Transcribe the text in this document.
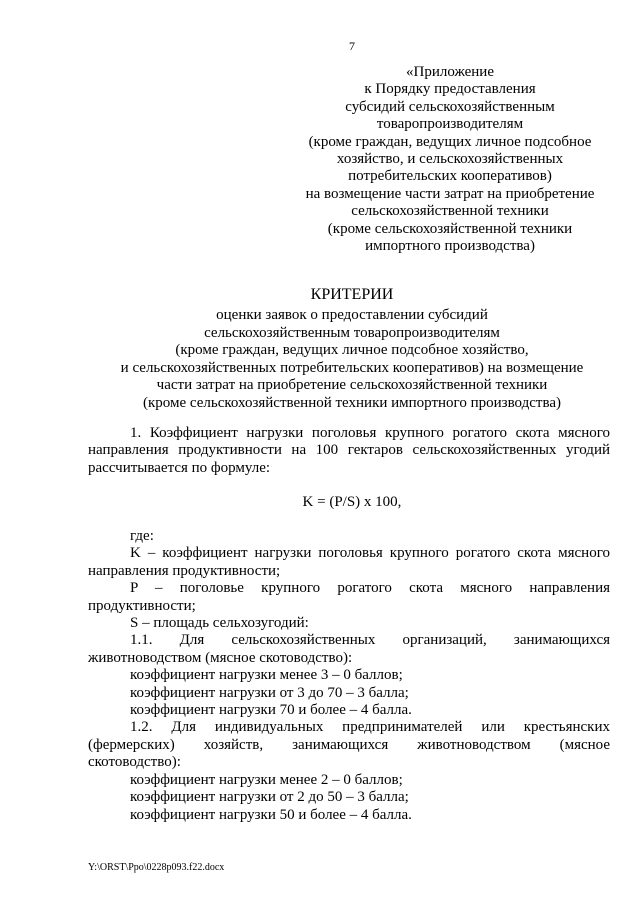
7
«Приложение
к Порядку предоставления
субсидий сельскохозяйственным
товаропроизводителям
(кроме граждан, ведущих личное подсобное
хозяйство, и сельскохозяйственных
потребительских кооперативов)
на возмещение части затрат на приобретение
сельскохозяйственной техники
(кроме сельскохозяйственной техники
импортного производства)
КРИТЕРИИ
оценки заявок о предоставлении субсидий
сельскохозяйственным товаропроизводителям
(кроме граждан, ведущих личное подсобное хозяйство,
и сельскохозяйственных потребительских кооперативов) на возмещение
части затрат на приобретение сельскохозяйственной техники
(кроме сельскохозяйственной техники импортного производства)
1. Коэффициент нагрузки поголовья крупного рогатого скота мясного
направления продуктивности на 100 гектаров сельскохозяйственных угодий
рассчитывается по формуле:
K = (P/S) x 100,
где:
K – коэффициент нагрузки поголовья крупного рогатого скота мясного
направления продуктивности;
P – поголовье крупного рогатого скота мясного направления
продуктивности;
S – площадь сельхозугодий:
1.1. Для сельскохозяйственных организаций, занимающихся
животноводством (мясное скотоводство):
коэффициент нагрузки менее 3 – 0 баллов;
коэффициент нагрузки от 3 до 70 – 3 балла;
коэффициент нагрузки 70 и более – 4 балла.
1.2. Для индивидуальных предпринимателей или крестьянских
(фермерских) хозяйств, занимающихся животноводством (мясное
скотоводство):
коэффициент нагрузки менее 2 – 0 баллов;
коэффициент нагрузки от 2 до 50 – 3 балла;
коэффициент нагрузки 50 и более – 4 балла.
Y:\ORST\Ppo\0228p093.f22.docx
